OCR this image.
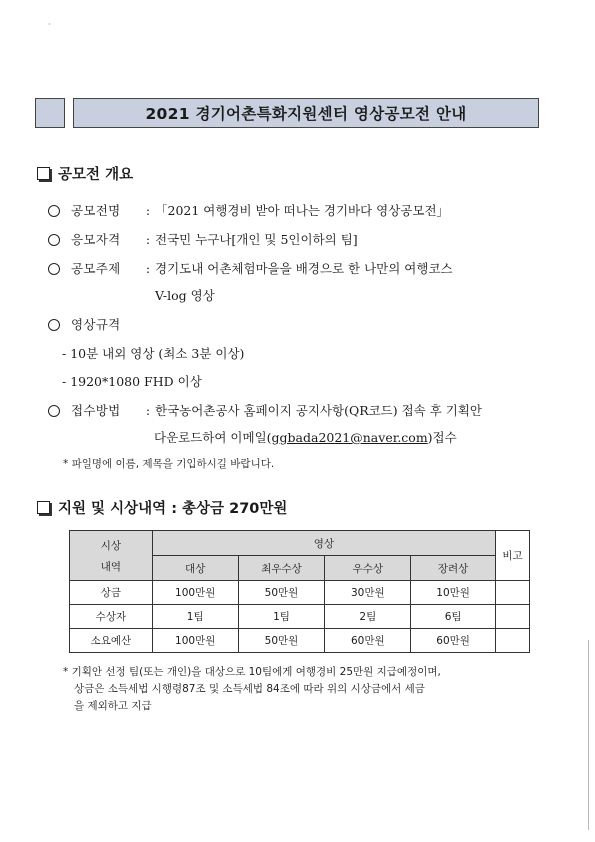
·
2021 경기어촌특화지원센터 영상공모전 안내
공모전 개요
공모전명	: 「2021 여행경비 받아 떠나는 경기바다 영상공모전」
응모자격	: 전국민 누구나[개인 및 5인이하의 팀]
공모주제	: 경기도내 어촌체험마을을 배경으로 한 나만의 여행코스
V-log 영상
영상규격
- 10분 내외 영상 (최소 3분 이상)
- 1920*1080 FHD 이상
접수방법	: 한국농어촌공사 홈페이지 공지사항(QR코드) 접속 후 기획안
다운로드하여 이메일(ggbada2021@naver.com)접수
* 파일명에 이름, 제목을 기입하시길 바랍니다.
지원 및 시상내역 : 총상금 270만원
시상
내역	영상				비고
	대상	최우수상	우수상	장려상	
상금	100만원	50만원	30만원	10만원	
수상자	1팀	1팀	2팀	6팀	
소요예산	100만원	50만원	60만원	60만원	
* 기획안 선정 팀(또는 개인)을 대상으로 10팀에게 여행경비 25만원 지급예정이며,
상금은 소득세법 시행령87조 및 소득세법 84조에 따라 위의 시상금에서 세금
을 제외하고 지급
